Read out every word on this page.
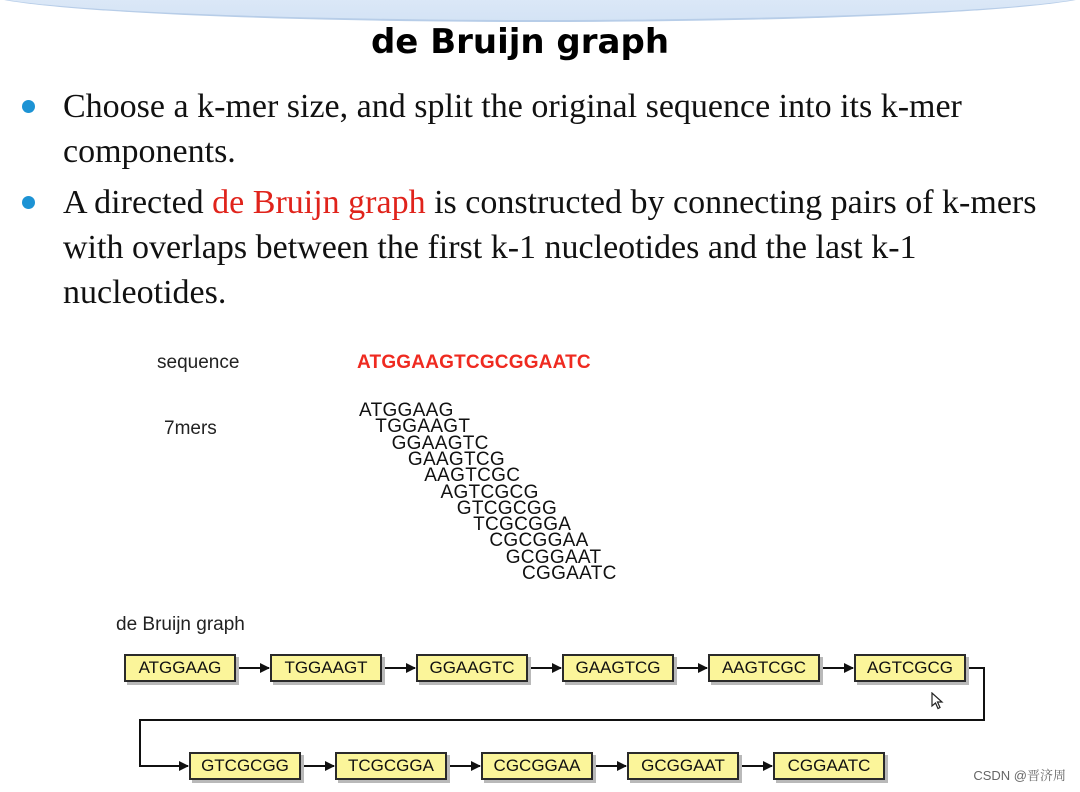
de Bruijn graph
Choose a k-mer size, and split the original sequence into its k-mer components.
A directed de Bruijn graph is constructed by connecting pairs of k-mers with overlaps between the first k-1 nucleotides and the last k-1 nucleotides.
sequence	ATGGAAGTCGCGGAATC
7mers
ATGGAAG
TGGAAGT
GGAAGTC
GAAGTCG
AAGTCGC
AGTCGCG
GTCGCGG
TCGCGGA
CGCGGAA
GCGGAAT
CGGAATC
de Bruijn graph
ATGGAAG	TGGAAGT	GGAAGTC	GAAGTCG	AAGTCGC	AGTCGCG
GTCGCGG	TCGCGGA	CGCGGAA	GCGGAAT	CGGAATC
CSDN @晋济周
